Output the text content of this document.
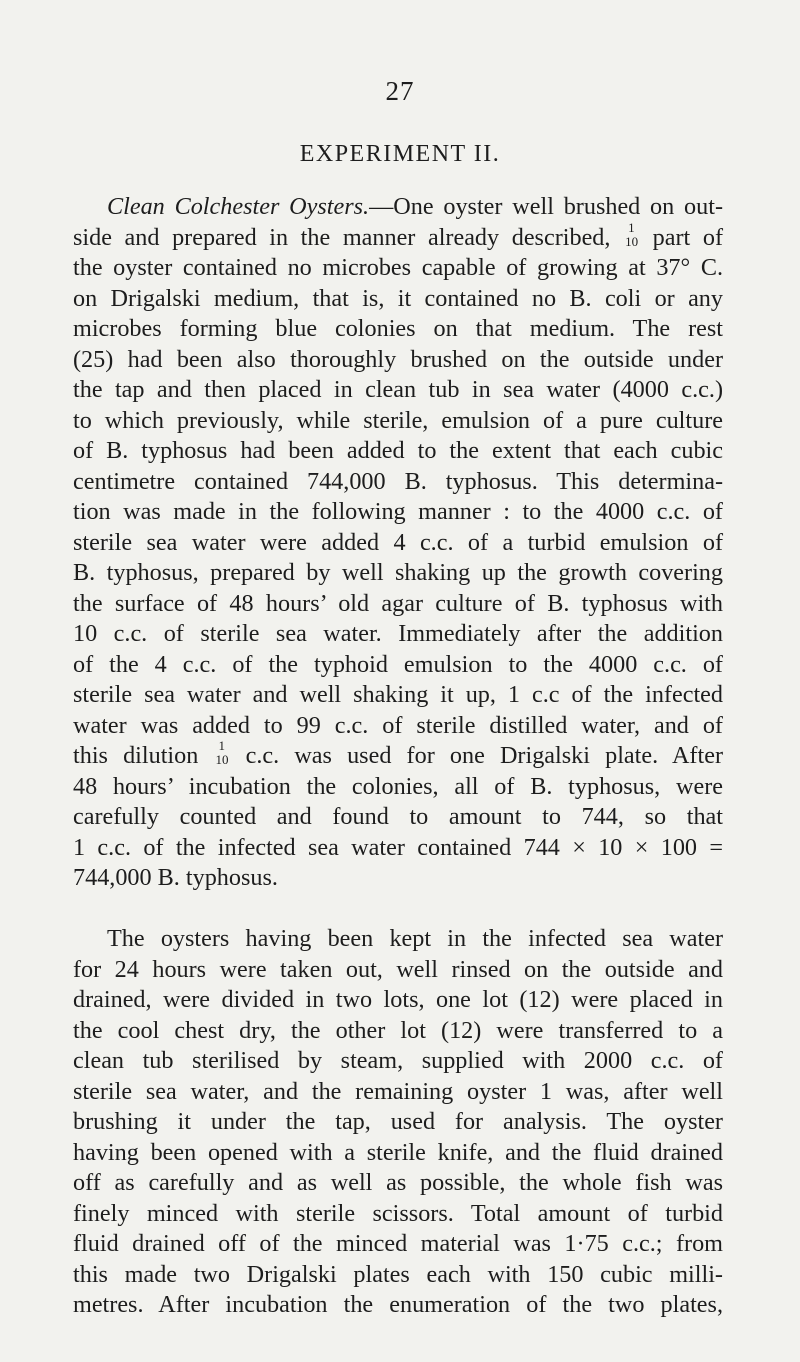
27
EXPERIMENT II.
Clean Colchester Oysters.—One oyster well brushed on out-
side and prepared in the manner already described, 1
10 part of
the oyster contained no microbes capable of growing at 37° C.
on Drigalski medium, that is, it contained no B. coli or any
microbes forming blue colonies on that medium. The rest
(25) had been also thoroughly brushed on the outside under
the tap and then placed in clean tub in sea water (4000 c.c.)
to which previously, while sterile, emulsion of a pure culture
of B. typhosus had been added to the extent that each cubic
centimetre contained 744,000 B. typhosus. This determina-
tion was made in the following manner : to the 4000 c.c. of
sterile sea water were added 4 c.c. of a turbid emulsion of
B. typhosus, prepared by well shaking up the growth covering
the surface of 48 hours’ old agar culture of B. typhosus with
10 c.c. of sterile sea water. Immediately after the addition
of the 4 c.c. of the typhoid emulsion to the 4000 c.c. of
sterile sea water and well shaking it up, 1 c.c of the infected
water was added to 99 c.c. of sterile distilled water, and of
this dilution 1
10 c.c. was used for one Drigalski plate. After
48 hours’ incubation the colonies, all of B. typhosus, were
carefully counted and found to amount to 744, so that
1 c.c. of the infected sea water contained 744 × 10 × 100 =
744,000 B. typhosus.
The oysters having been kept in the infected sea water
for 24 hours were taken out, well rinsed on the outside and
drained, were divided in two lots, one lot (12) were placed in
the cool chest dry, the other lot (12) were transferred to a
clean tub sterilised by steam, supplied with 2000 c.c. of
sterile sea water, and the remaining oyster 1 was, after well
brushing it under the tap, used for analysis. The oyster
having been opened with a sterile knife, and the fluid drained
off as carefully and as well as possible, the whole fish was
finely minced with sterile scissors. Total amount of turbid
fluid drained off of the minced material was 1·75 c.c.; from
this made two Drigalski plates each with 150 cubic milli-
metres. After incubation the enumeration of the two plates,
